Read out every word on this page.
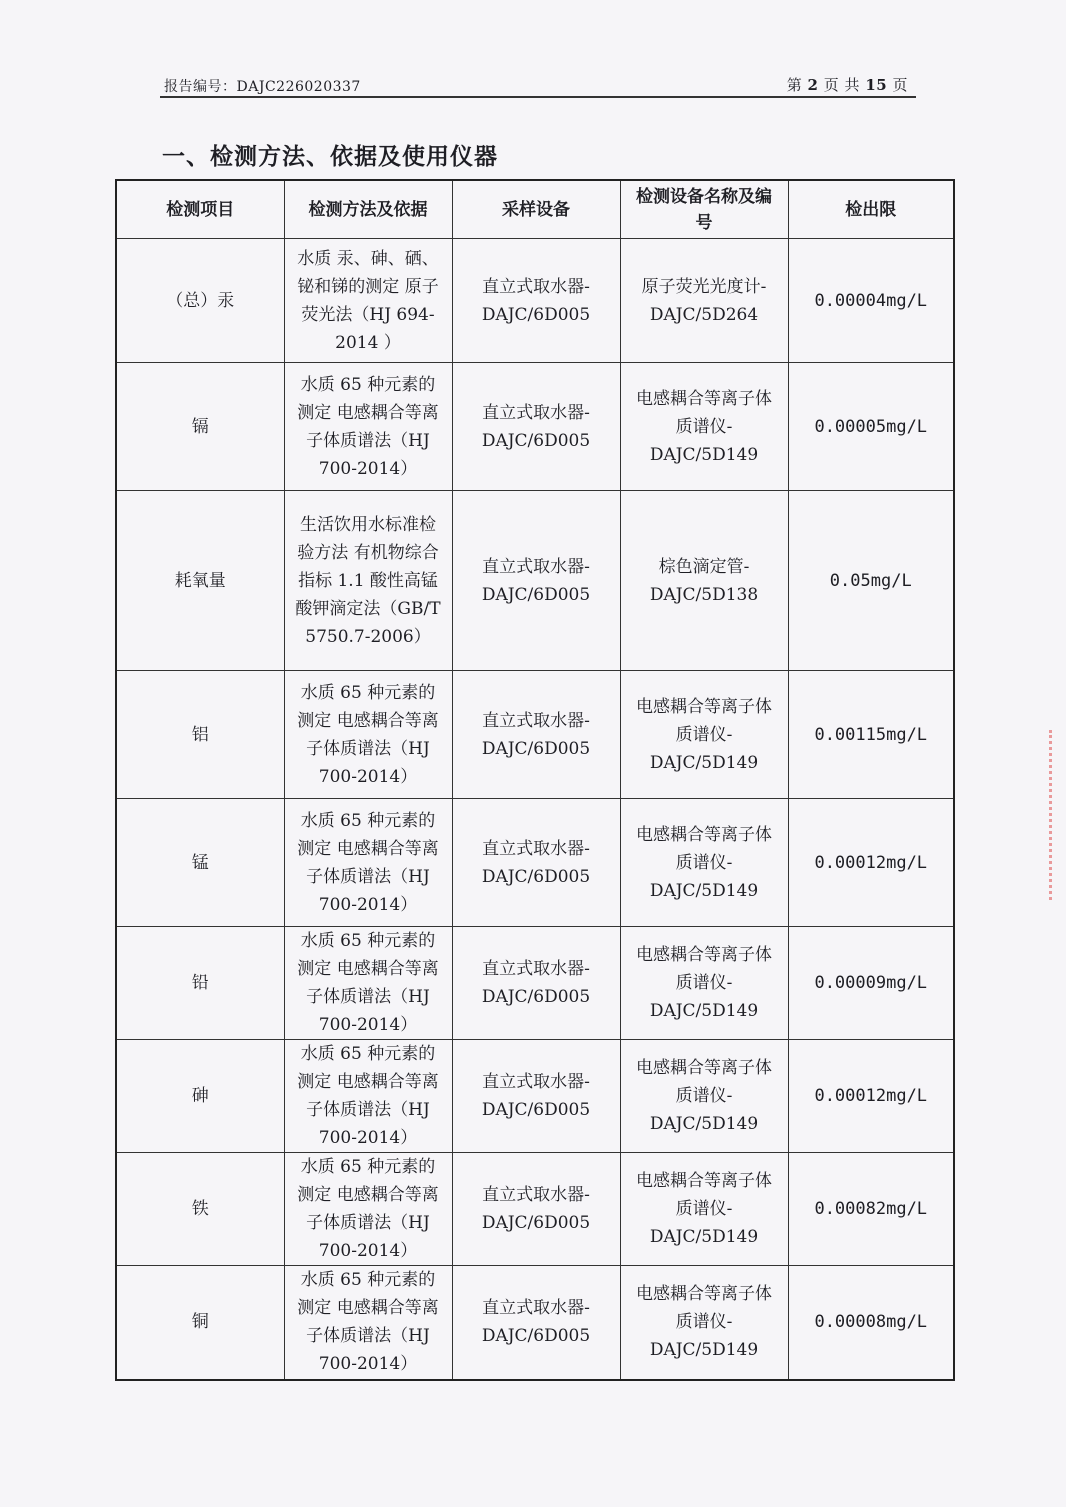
报告编号：DAJC226020337	第 2 页 共 15 页
一、检测方法、依据及使用仪器
检测项目	检测方法及依据	采样设备	检测设备名称及编号	检出限
（总）汞	水质 汞、砷、硒、铋和锑的测定 原子荧光法（HJ 694-2014 ）	直立式取水器-DAJC/6D005	原子荧光光度计-DAJC/5D264	0.00004mg/L
镉	水质 65 种元素的测定 电感耦合等离子体质谱法（HJ 700-2014）	直立式取水器-DAJC/6D005	电感耦合等离子体质谱仪-DAJC/5D149	0.00005mg/L
耗氧量	生活饮用水标准检验方法 有机物综合指标 1.1 酸性高锰酸钾滴定法（GB/T 5750.7-2006）	直立式取水器-DAJC/6D005	棕色滴定管-DAJC/5D138	0.05mg/L
铝	水质 65 种元素的测定 电感耦合等离子体质谱法（HJ 700-2014）	直立式取水器-DAJC/6D005	电感耦合等离子体质谱仪-DAJC/5D149	0.00115mg/L
锰	水质 65 种元素的测定 电感耦合等离子体质谱法（HJ 700-2014）	直立式取水器-DAJC/6D005	电感耦合等离子体质谱仪-DAJC/5D149	0.00012mg/L
铅	水质 65 种元素的测定 电感耦合等离子体质谱法（HJ 700-2014）	直立式取水器-DAJC/6D005	电感耦合等离子体质谱仪-DAJC/5D149	0.00009mg/L
砷	水质 65 种元素的测定 电感耦合等离子体质谱法（HJ 700-2014）	直立式取水器-DAJC/6D005	电感耦合等离子体质谱仪-DAJC/5D149	0.00012mg/L
铁	水质 65 种元素的测定 电感耦合等离子体质谱法（HJ 700-2014）	直立式取水器-DAJC/6D005	电感耦合等离子体质谱仪-DAJC/5D149	0.00082mg/L
铜	水质 65 种元素的测定 电感耦合等离子体质谱法（HJ 700-2014）	直立式取水器-DAJC/6D005	电感耦合等离子体质谱仪-DAJC/5D149	0.00008mg/L
